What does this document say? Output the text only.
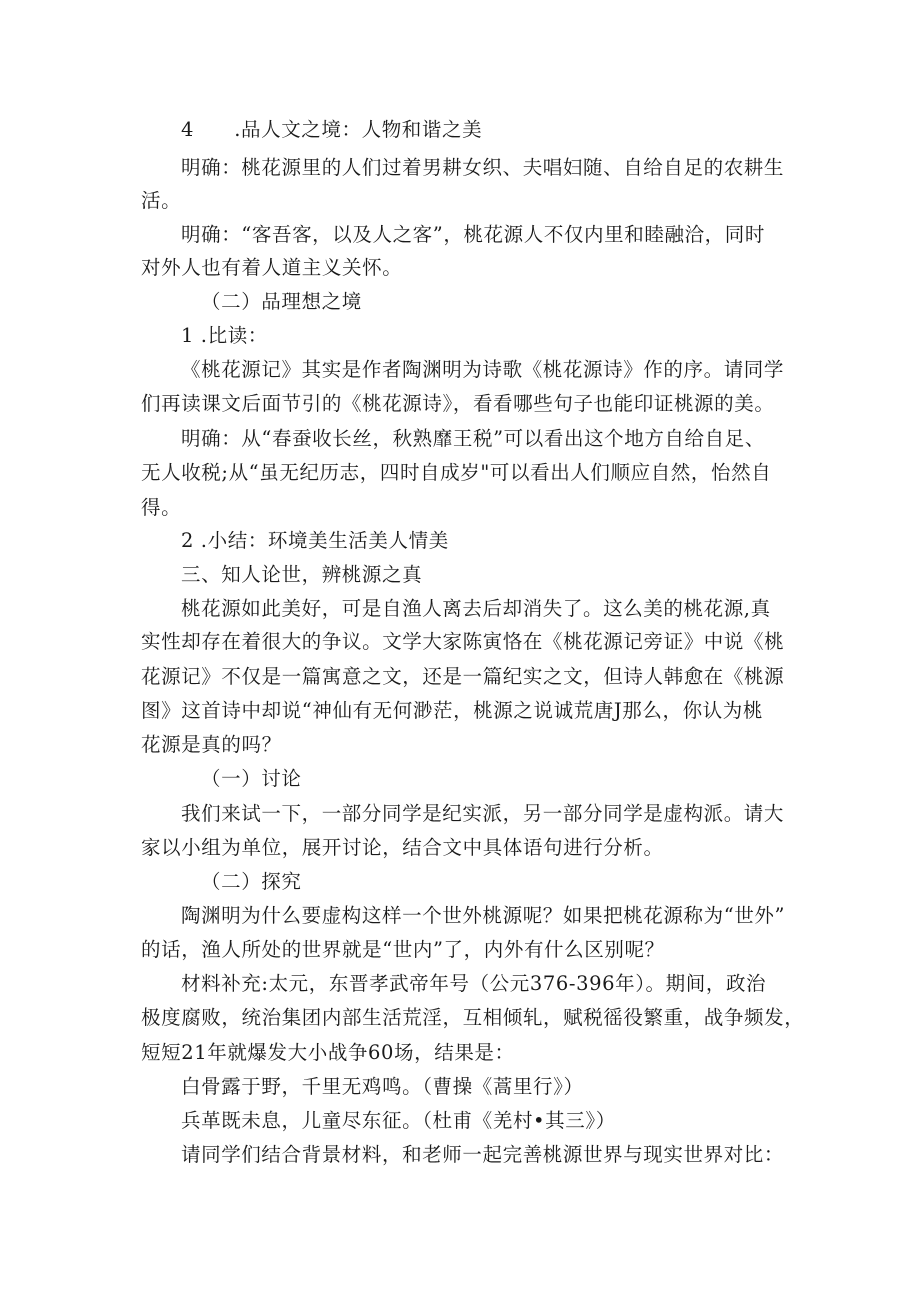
4　　.品人文之境：人物和谐之美
明确：桃花源里的人们过着男耕女织、夫唱妇随、自给自足的农耕生
活。
明确：“客吾客，以及人之客”，桃花源人不仅内里和睦融洽，同时
对外人也有着人道主义关怀。
（二）品理想之境
1 .比读：
《桃花源记》其实是作者陶渊明为诗歌《桃花源诗》作的序。请同学
们再读课文后面节引的《桃花源诗》，看看哪些句子也能印证桃源的美。
明确：从“春蚕收长丝，秋熟靡王税”可以看出这个地方自给自足、
无人收税;从“虽无纪历志，四时自成岁"可以看出人们顺应自然，怡然自
得。
2 .小结：环境美生活美人情美
三、知人论世，辨桃源之真
桃花源如此美好，可是自渔人离去后却消失了。这么美的桃花源,真
实性却存在着很大的争议。文学大家陈寅恪在《桃花源记旁证》中说《桃
花源记》不仅是一篇寓意之文，还是一篇纪实之文，但诗人韩愈在《桃源
图》这首诗中却说“神仙有无何渺茫，桃源之说诚荒唐J那么，你认为桃
花源是真的吗？
（一）讨论
我们来试一下，一部分同学是纪实派，另一部分同学是虚构派。请大
家以小组为单位，展开讨论，结合文中具体语句进行分析。
（二）探究
陶渊明为什么要虚构这样一个世外桃源呢？如果把桃花源称为“世外”
的话，渔人所处的世界就是“世内”了，内外有什么区别呢？
材料补充:太元，东晋孝武帝年号（公元376-396年）。期间，政治
极度腐败，统治集团内部生活荒淫，互相倾轧，赋税徭役繁重，战争频发，
短短21年就爆发大小战争60场，结果是：
白骨露于野，千里无鸡鸣。（曹操《蒿里行》）
兵革既未息，儿童尽东征。（杜甫《羌村•其三》）
请同学们结合背景材料，和老师一起完善桃源世界与现实世界对比：
